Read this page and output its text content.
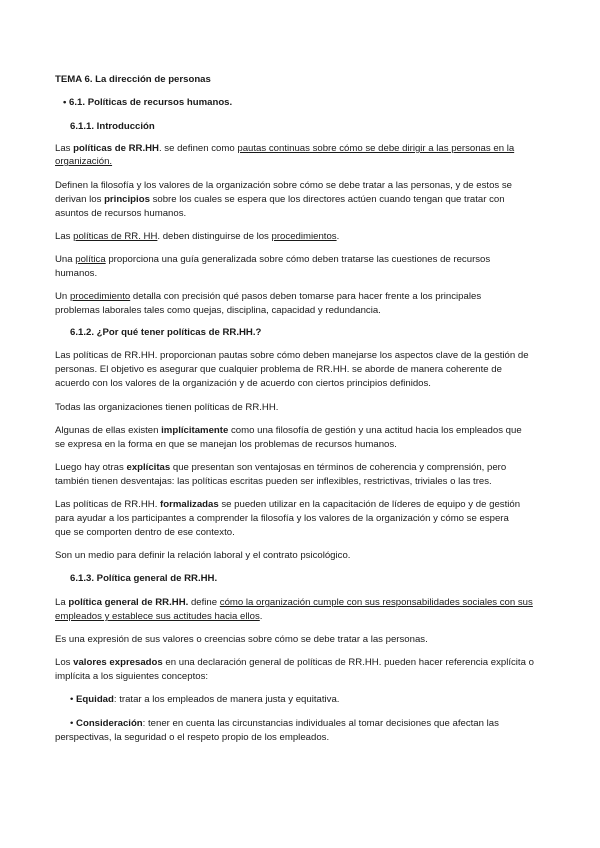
TEMA 6. La dirección de personas
• 6.1. Políticas de recursos humanos.
6.1.1. Introducción
Las políticas de RR.HH. se definen como pautas continuas sobre cómo se debe dirigir a las personas en la
organización.
Definen la filosofía y los valores de la organización sobre cómo se debe tratar a las personas, y de estos se
derivan los principios sobre los cuales se espera que los directores actúen cuando tengan que tratar con
asuntos de recursos humanos.
Las políticas de RR. HH. deben distinguirse de los procedimientos.
Una política proporciona una guía generalizada sobre cómo deben tratarse las cuestiones de recursos
humanos.
Un procedimiento detalla con precisión qué pasos deben tomarse para hacer frente a los principales
problemas laborales tales como quejas, disciplina, capacidad y redundancia.
6.1.2. ¿Por qué tener políticas de RR.HH.?
Las políticas de RR.HH. proporcionan pautas sobre cómo deben manejarse los aspectos clave de la gestión de
personas. El objetivo es asegurar que cualquier problema de RR.HH. se aborde de manera coherente de
acuerdo con los valores de la organización y de acuerdo con ciertos principios definidos.
Todas las organizaciones tienen políticas de RR.HH.
Algunas de ellas existen implícitamente como una filosofía de gestión y una actitud hacia los empleados que
se expresa en la forma en que se manejan los problemas de recursos humanos.
Luego hay otras explícitas que presentan son ventajosas en términos de coherencia y comprensión, pero
también tienen desventajas: las políticas escritas pueden ser inflexibles, restrictivas, triviales o las tres.
Las políticas de RR.HH. formalizadas se pueden utilizar en la capacitación de líderes de equipo y de gestión
para ayudar a los participantes a comprender la filosofía y los valores de la organización y cómo se espera
que se comporten dentro de ese contexto.
Son un medio para definir la relación laboral y el contrato psicológico.
6.1.3. Política general de RR.HH.
La política general de RR.HH. define cómo la organización cumple con sus responsabilidades sociales con sus
empleados y establece sus actitudes hacia ellos.
Es una expresión de sus valores o creencias sobre cómo se debe tratar a las personas.
Los valores expresados en una declaración general de políticas de RR.HH. pueden hacer referencia explícita o
implícita a los siguientes conceptos:
• Equidad: tratar a los empleados de manera justa y equitativa.
• Consideración: tener en cuenta las circunstancias individuales al tomar decisiones que afectan las
perspectivas, la seguridad o el respeto propio de los empleados.
